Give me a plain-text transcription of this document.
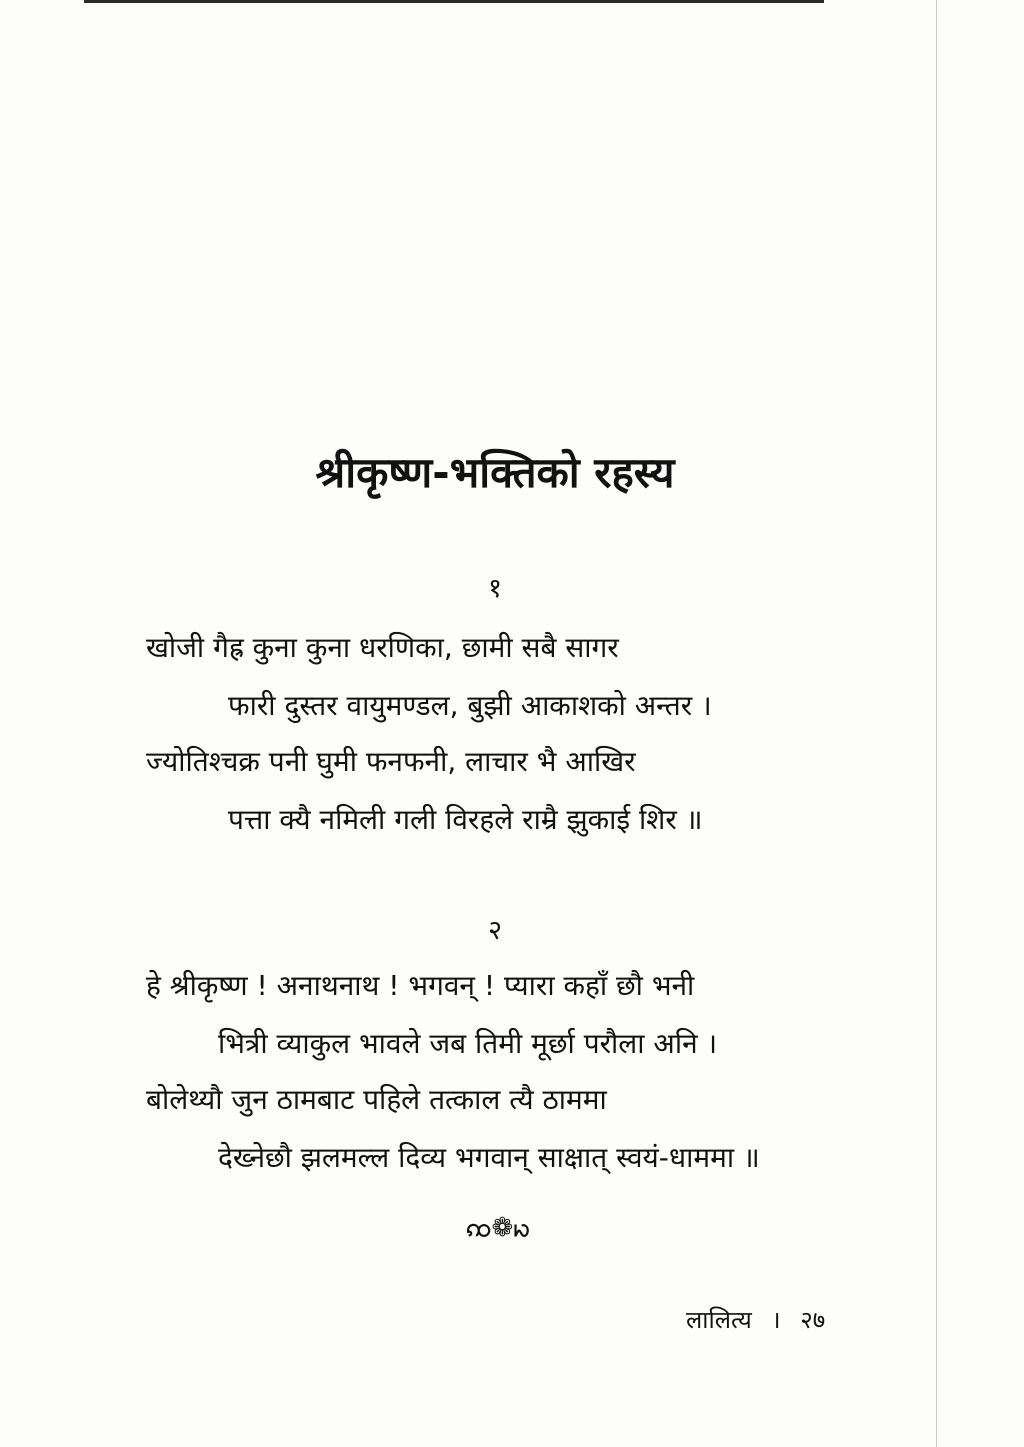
श्रीकृष्ण-भक्तिको रहस्य
१
खोजी गैह्र कुना कुना धरणिका, छामी सबै सागर
फारी दुस्तर वायुमण्डल, बुझी आकाशको अन्तर ।
ज्योतिश्चक्र पनी घुमी फनफनी, लाचार भै आखिर
पत्ता क्यै नमिली गली विरहले राम्रै झुकाई शिर ॥
२
हे श्रीकृष्ण ! अनाथनाथ ! भगवन् ! प्यारा कहाँ छौ भनी
भित्री व्याकुल भावले जब तिमी मूर्छा परौला अनि ।
बोलेथ्यौ जुन ठामबाट पहिले तत्काल त्यै ठाममा
देख्नेछौ झलमल्ल दिव्य भगवान् साक्षात् स्वयं-धाममा ॥
ꩡ❁ꩢ
लालित्य । २७
